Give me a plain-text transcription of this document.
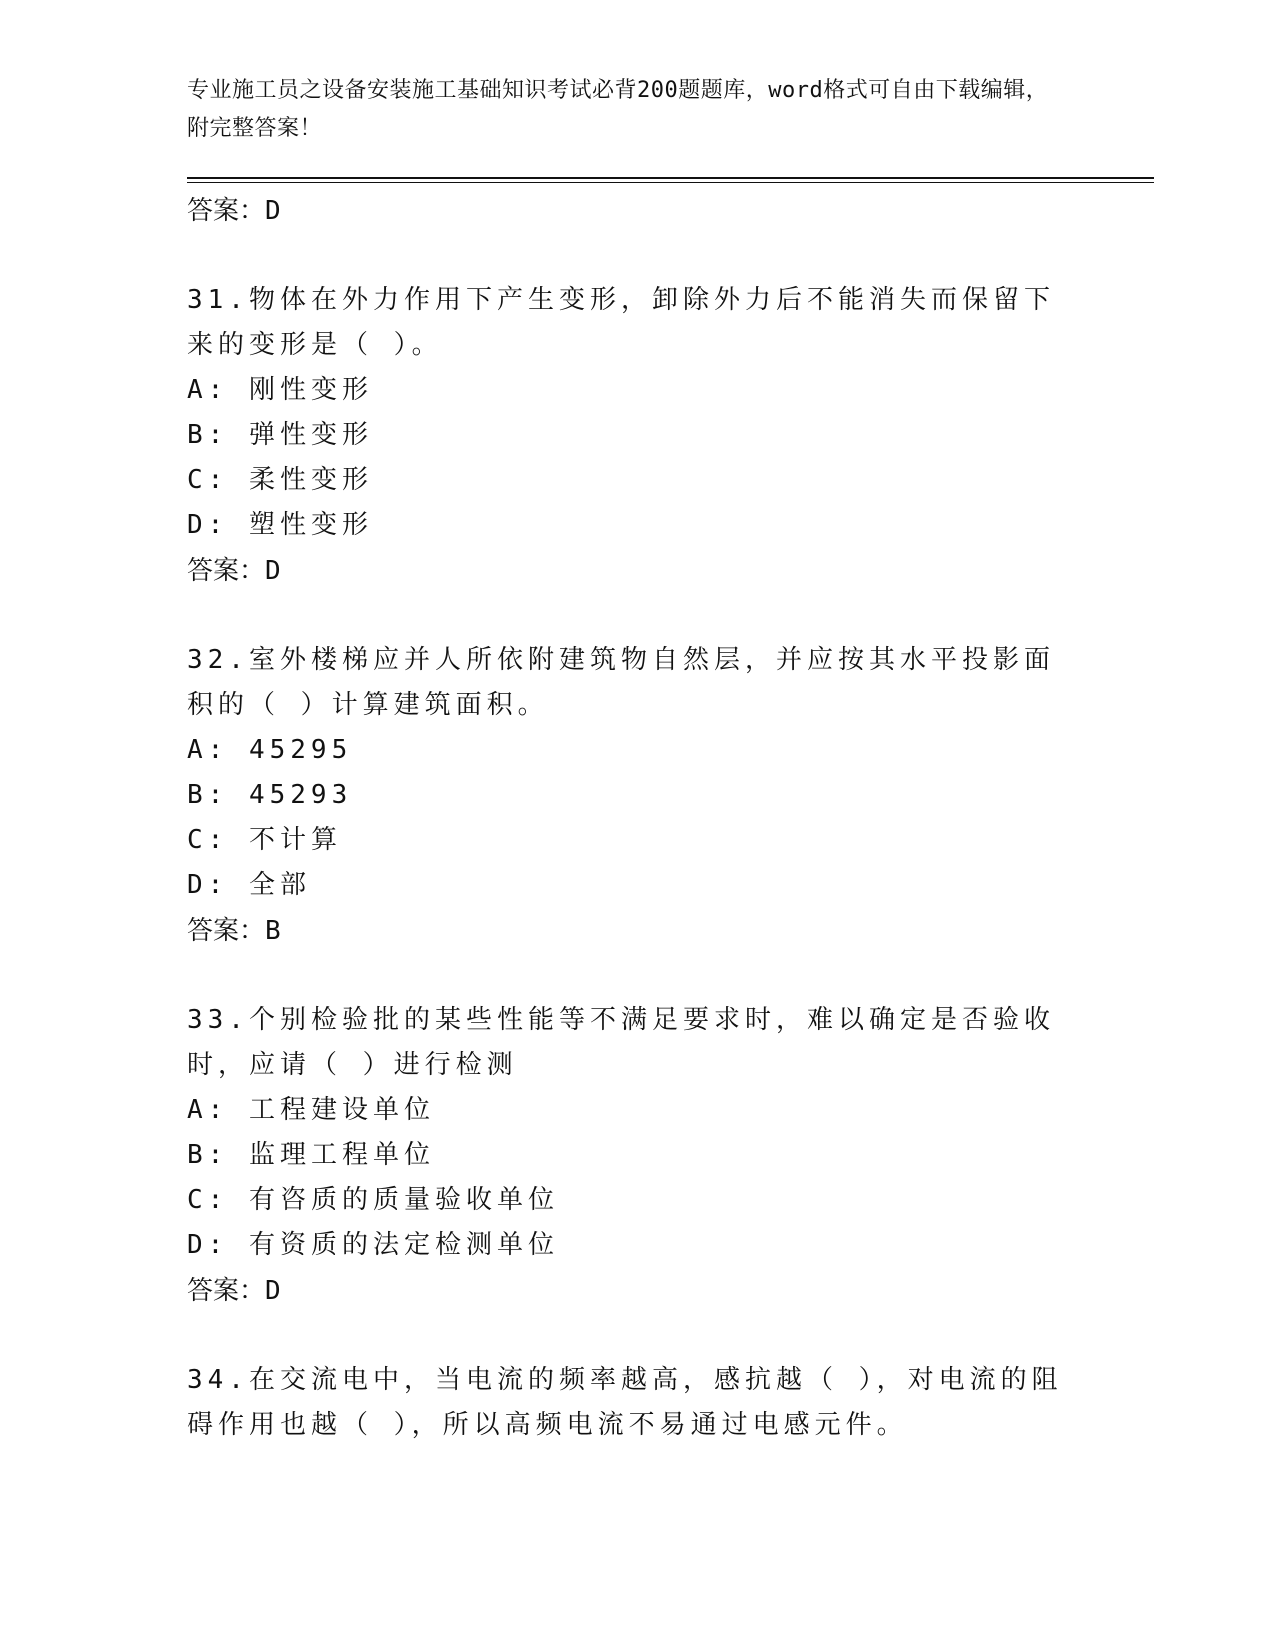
专业施工员之设备安装施工基础知识考试必背200题题库，word格式可自由下载编辑，附完整答案！
答案：D
31.物体在外力作用下产生变形，卸除外力后不能消失而保留下来的变形是（ ）。
A: 刚性变形
B: 弹性变形
C: 柔性变形
D: 塑性变形
答案：D
32.室外楼梯应并人所依附建筑物自然层，并应按其水平投影面积的（ ）计算建筑面积。
A: 45295
B: 45293
C: 不计算
D: 全部
答案：B
33.个别检验批的某些性能等不满足要求时，难以确定是否验收时，应请（ ）进行检测
A: 工程建设单位
B: 监理工程单位
C: 有咨质的质量验收单位
D: 有资质的法定检测单位
答案：D
34.在交流电中，当电流的频率越高，感抗越（ ），对电流的阻碍作用也越（ ），所以高频电流不易通过电感元件。
